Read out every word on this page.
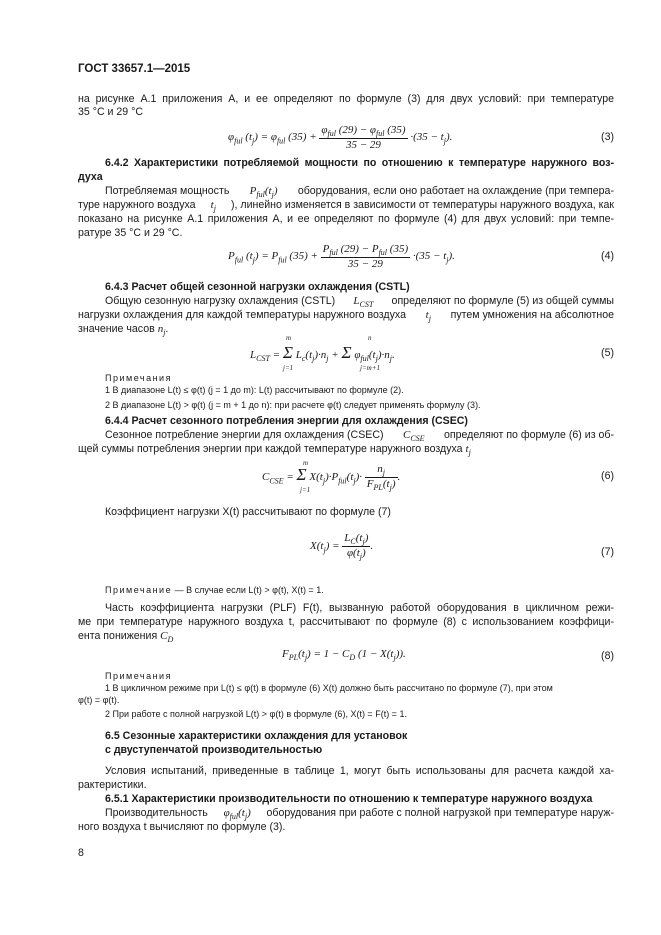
ГОСТ 33657.1—2015
на рисунке А.1 приложения А, и ее определяют по формуле (3) для двух условий: при температуре
35 °С и 29 °С
$\varphi_{ful}$ $(t_j) = \varphi_{ful}$ $(35) + \frac{\varphi_{ful} (29) - \varphi_{ful} (35)}{35 - 29} \cdot(35 - t_j)$.	(3)
6.4.2 Характеристики потребляемой мощности по отношению к температуре наружного воз-
духа
Потребляемая мощность $P_{ful}(t_j)$ оборудования, если оно работает на охлаждение (при темпера-
туре наружного воздуха $t_j$ ), линейно изменяется в зависимости от температуры наружного воздуха, как
показано на рисунке А.1 приложения А, и ее определяют по формуле (4) для двух условий: при темпе-
ратуре 35 °С и 29 °С.
$P_{ful}$ $(t_j) = P_{ful}$ $(35) + \frac{P_{ful} (29) - P_{ful} (35)}{35 - 29} \cdot(35 - t_j)$.	(4)
6.4.3 Расчет общей сезонной нагрузки охлаждения (CSTL)
Общую сезонную нагрузку охлаждения (CSTL) $L_{CST}$ определяют по формуле (5) из общей суммы
нагрузки охлаждения для каждой температуры наружного воздуха $t_j$ путем умножения на абсолютное
значение часов $n_j$.
$L_{CST} = \Sigma$ $L_c(t_j)\cdot n_j + \Sigma$ $\varphi_{ful}(t_j)\cdot n_j$.
m
j=1
n
j=m+1
(5)
Примечания
1 В диапазоне L(t) ≤ φ(t) (j = 1 до m): L(t) рассчитывают по формуле (2).
2 В диапазоне L(t) > φ(t) (j = m + 1 до n): при расчете φ(t) следует применять формулу (3).
6.4.4 Расчет сезонного потребления энергии для охлаждения (CSEC)
Сезонное потребление энергии для охлаждения (CSEC) $C_{CSE}$ определяют по формуле (6) из об-
щей суммы потребления энергии при каждой температуре наружного воздуха $t_j$
$C_{CSE} = \Sigma$ $X(t_j)\cdot P_{ful}(t_j)\cdot \frac{n_j}{F_{PL}(t_j)}$ .
m
j=1
(6)
Коэффициент нагрузки X(t) рассчитывают по формуле (7)
$X(t_j) = \frac{L_C(t_j)}{\varphi(t_j)}$ .	(7)
Примечание — В случае если L(t) > φ(t), X(t) = 1.
Часть коэффициента нагрузки (PLF) F(t), вызванную работой оборудования в цикличном режи-
ме при температуре наружного воздуха t, рассчитывают по формуле (8) с использованием коэффици-
ента понижения $C_D$
$F_{PL}(t_j) = 1 - C_D$ $(1 - X(t_j))$.	(8)
Примечания
1 В цикличном режиме при L(t) ≤ φ(t) в формуле (6) X(t) должно быть рассчитано по формуле (7), при этом
φ(t) = φ(t).
2 При работе с полной нагрузкой L(t) > φ(t) в формуле (6), X(t) = F(t) = 1.
6.5 Сезонные характеристики охлаждения для установок
с двуступенчатой производительностью
Условия испытаний, приведенные в таблице 1, могут быть использованы для расчета каждой ха-
рактеристики.
6.5.1 Характеристики производительности по отношению к температуре наружного воздуха
Производительность $\varphi_{ful}(t_j)$ оборудования при работе с полной нагрузкой при температуре наруж-
ного воздуха t вычисляют по формуле (3).
8
